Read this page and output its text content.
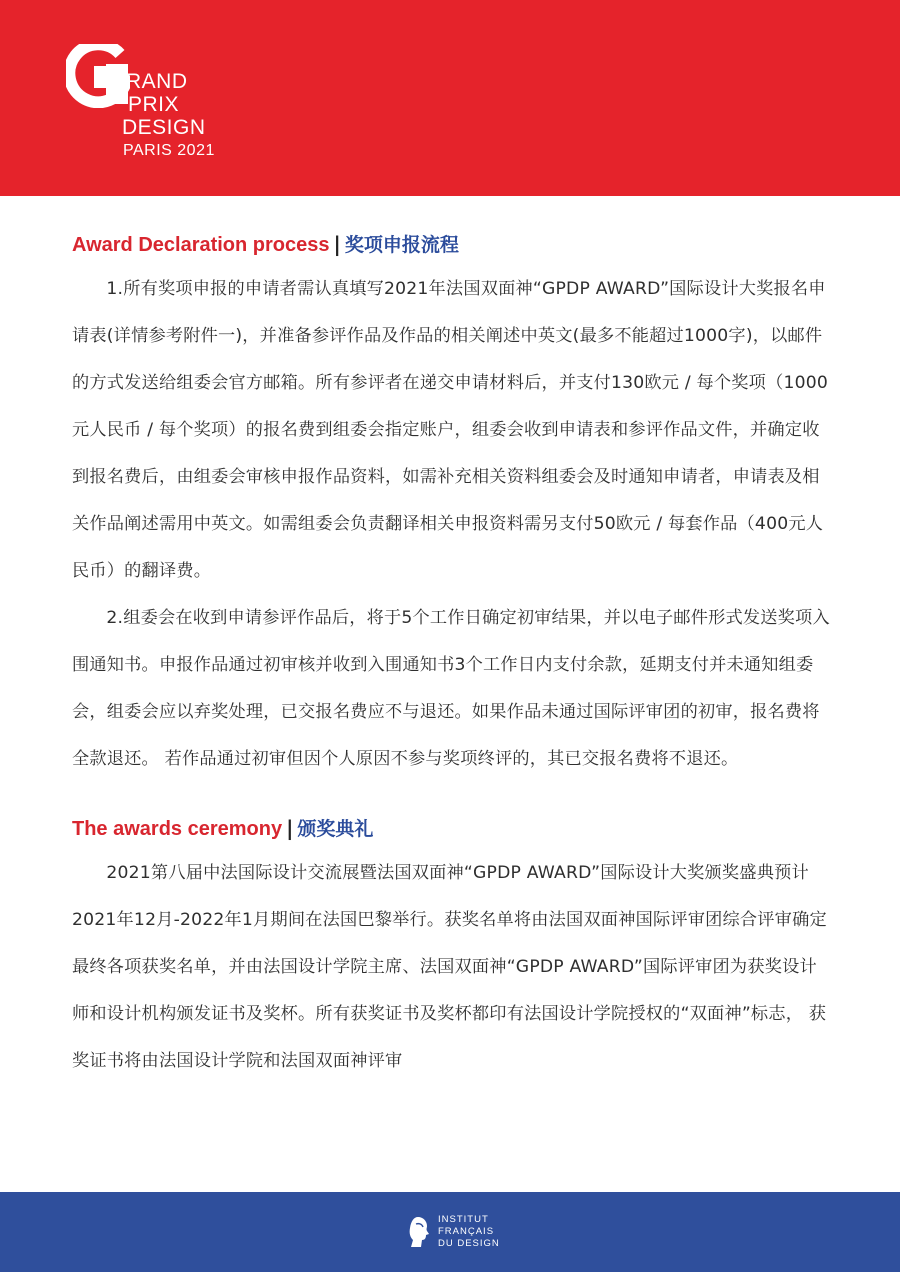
RAND
PRIX
DESIGN
PARIS 2021
Award Declaration process | 奖项申报流程

1.所有奖项申报的申请者需认真填写2021年法国双面神“GPDP AWARD”国际设计大奖报名申请表(详情参考附件一)，并准备参评作品及作品的相关阐述中英文(最多不能超过1000字)，以邮件的方式发送给组委会官方邮箱。所有参评者在递交申请材料后，并支付130欧元 / 每个奖项（1000元人民币 / 每个奖项）的报名费到组委会指定账户，组委会收到申请表和参评作品文件，并确定收到报名费后，由组委会审核申报作品资料，如需补充相关资料组委会及时通知申请者，申请表及相关作品阐述需用中英文。如需组委会负责翻译相关申报资料需另支付50欧元 / 每套作品（400元人民币）的翻译费。

2.组委会在收到申请参评作品后，将于5个工作日确定初审结果，并以电子邮件形式发送奖项入围通知书。申报作品通过初审核并收到入围通知书3个工作日内支付余款，延期支付并未通知组委会，组委会应以弃奖处理，已交报名费应不与退还。如果作品未通过国际评审团的初审，报名费将全款退还。 若作品通过初审但因个人原因不参与奖项终评的，其已交报名费将不退还。

The awards ceremony | 颁奖典礼

2021第八届中法国际设计交流展暨法国双面神“GPDP AWARD”国际设计大奖颁奖盛典预计2021年12月-2022年1月期间在法国巴黎举行。获奖名单将由法国双面神国际评审团综合评审确定最终各项获奖名单，并由法国设计学院主席、法国双面神“GPDP AWARD”国际评审团为获奖设计师和设计机构颁发证书及奖杯。所有获奖证书及奖杯都印有法国设计学院授权的“双面神”标志， 获奖证书将由法国设计学院和法国双面神评审

INSTITUT
FRANÇAIS
DU DESIGN
